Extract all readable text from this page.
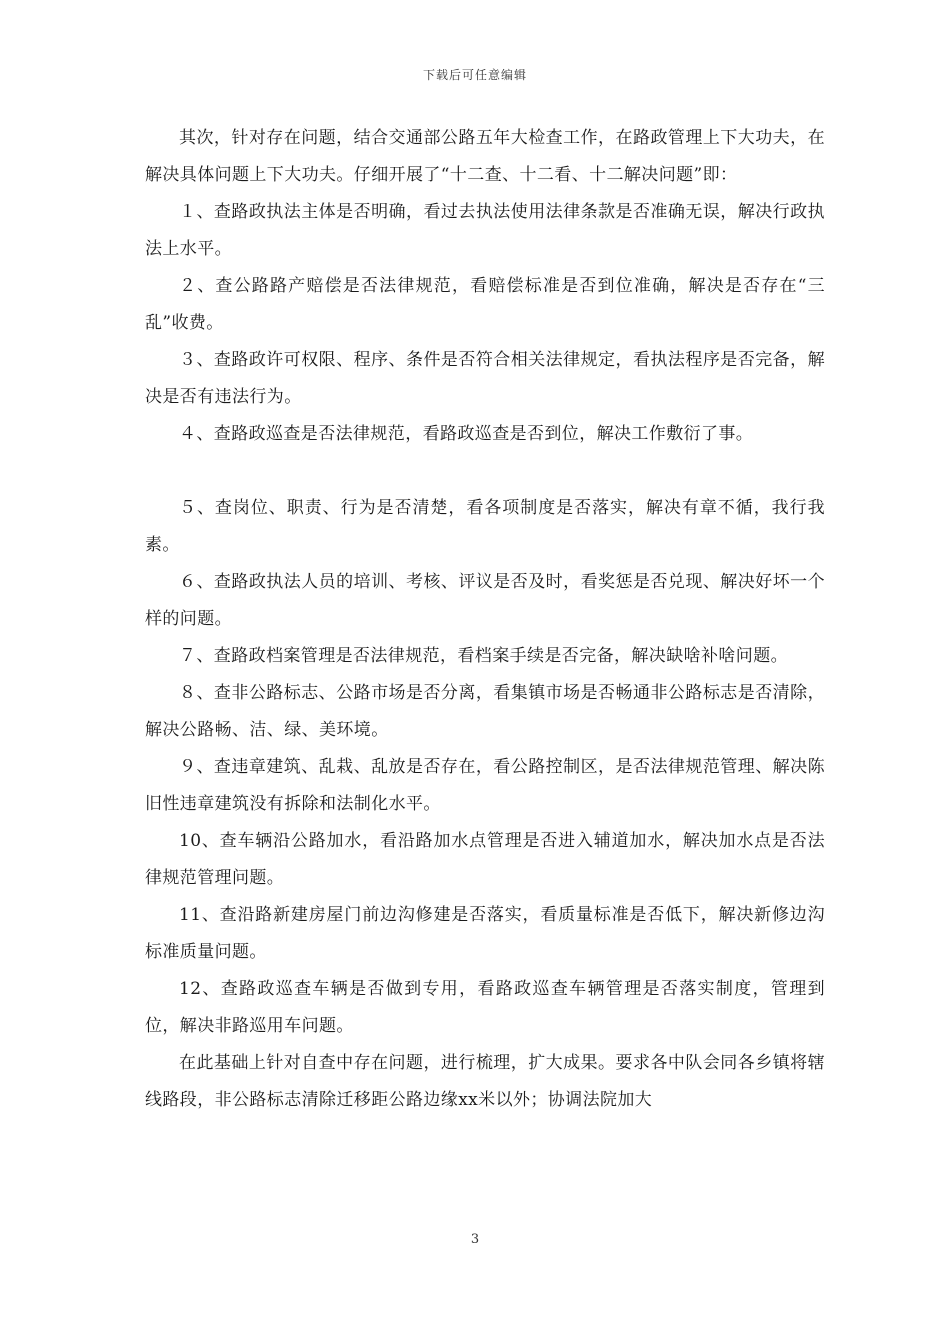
下载后可任意编辑

其次，针对存在问题，结合交通部公路五年大检查工作，在路政管理上下大功夫，在解决具体问题上下大功夫。仔细开展了“十二查、十二看、十二解决问题”即：

１、查路政执法主体是否明确，看过去执法使用法律条款是否准确无误，解决行政执法上水平。

２、查公路路产赔偿是否法律规范，看赔偿标准是否到位准确，解决是否存在“三乱”收费。

３、查路政许可权限、程序、条件是否符合相关法律规定，看执法程序是否完备，解决是否有违法行为。

４、查路政巡查是否法律规范，看路政巡查是否到位，解决工作敷衍了事。

５、查岗位、职责、行为是否清楚，看各项制度是否落实，解决有章不循，我行我素。

６、查路政执法人员的培训、考核、评议是否及时，看奖惩是否兑现、解决好坏一个样的问题。

７、查路政档案管理是否法律规范，看档案手续是否完备，解决缺啥补啥问题。

８、查非公路标志、公路市场是否分离，看集镇市场是否畅通非公路标志是否清除，解决公路畅、洁、绿、美环境。

９、查违章建筑、乱栽、乱放是否存在，看公路控制区，是否法律规范管理、解决陈旧性违章建筑没有拆除和法制化水平。

10、查车辆沿公路加水，看沿路加水点管理是否进入辅道加水，解决加水点是否法律规范管理问题。

11、查沿路新建房屋门前边沟修建是否落实，看质量标准是否低下，解决新修边沟标准质量问题。

12、查路政巡查车辆是否做到专用，看路政巡查车辆管理是否落实制度，管理到位，解决非路巡用车问题。

在此基础上针对自查中存在问题，进行梳理，扩大成果。要求各中队会同各乡镇将辖线路段，非公路标志清除迁移距公路边缘xx米以外；协调法院加大

3
